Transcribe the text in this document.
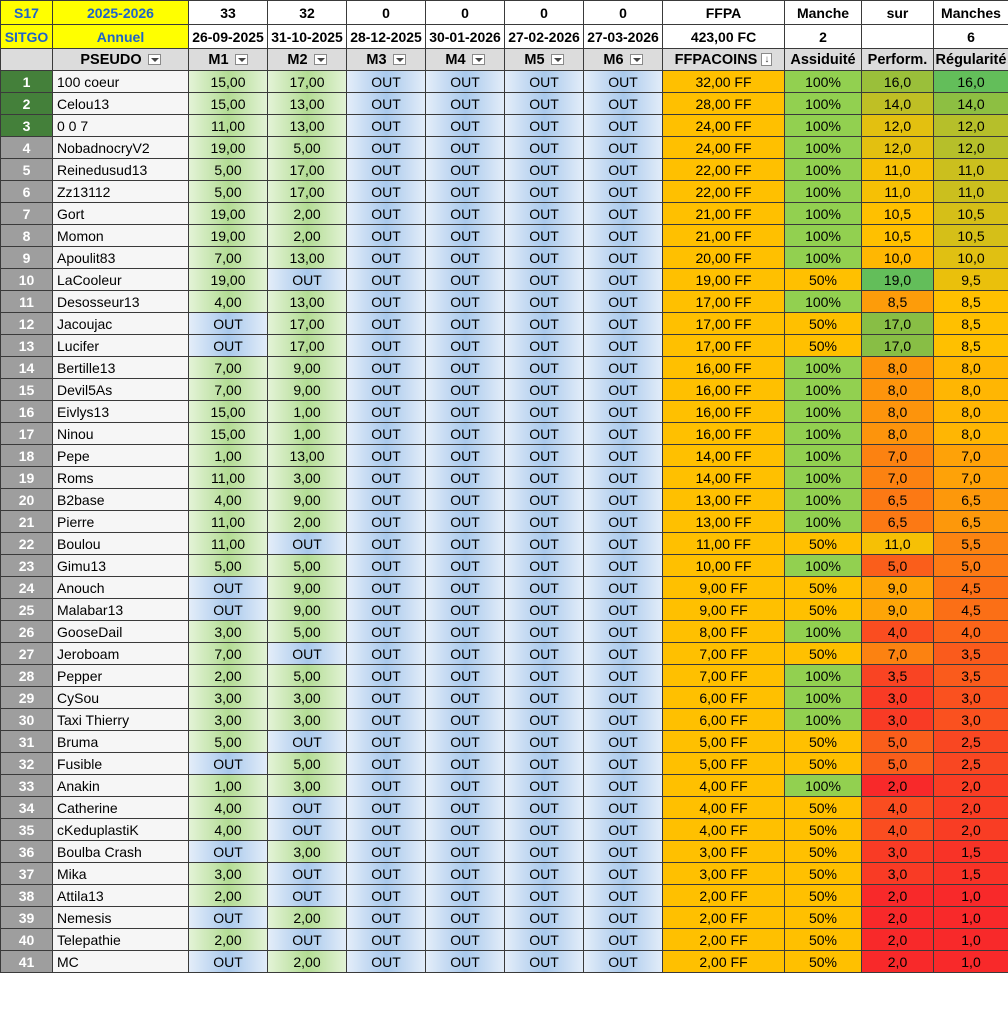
S17	2025-2026	33	32	0	0	0	0	FFPA	Manche	sur	Manches
SITGO	Annuel	26-09-2025	31-10-2025	28-12-2025	30-01-2026	27-02-2026	27-03-2026	423,00 FC	2		6
	PSEUDO	M1	M2	M3	M4	M5	M6	FFPACOINS ↓	Assiduité	Perform.	Régularité
1	100 coeur	15,00	17,00	OUT	OUT	OUT	OUT	32,00 FF	100%	16,0	16,0
2	Celou13	15,00	13,00	OUT	OUT	OUT	OUT	28,00 FF	100%	14,0	14,0
3	0 0 7	11,00	13,00	OUT	OUT	OUT	OUT	24,00 FF	100%	12,0	12,0
4	NobadnocryV2	19,00	5,00	OUT	OUT	OUT	OUT	24,00 FF	100%	12,0	12,0
5	Reinedusud13	5,00	17,00	OUT	OUT	OUT	OUT	22,00 FF	100%	11,0	11,0
6	Zz13112	5,00	17,00	OUT	OUT	OUT	OUT	22,00 FF	100%	11,0	11,0
7	Gort	19,00	2,00	OUT	OUT	OUT	OUT	21,00 FF	100%	10,5	10,5
8	Momon	19,00	2,00	OUT	OUT	OUT	OUT	21,00 FF	100%	10,5	10,5
9	Apoulit83	7,00	13,00	OUT	OUT	OUT	OUT	20,00 FF	100%	10,0	10,0
10	LaCooleur	19,00	OUT	OUT	OUT	OUT	OUT	19,00 FF	50%	19,0	9,5
11	Desosseur13	4,00	13,00	OUT	OUT	OUT	OUT	17,00 FF	100%	8,5	8,5
12	Jacoujac	OUT	17,00	OUT	OUT	OUT	OUT	17,00 FF	50%	17,0	8,5
13	Lucifer	OUT	17,00	OUT	OUT	OUT	OUT	17,00 FF	50%	17,0	8,5
14	Bertille13	7,00	9,00	OUT	OUT	OUT	OUT	16,00 FF	100%	8,0	8,0
15	Devil5As	7,00	9,00	OUT	OUT	OUT	OUT	16,00 FF	100%	8,0	8,0
16	Eivlys13	15,00	1,00	OUT	OUT	OUT	OUT	16,00 FF	100%	8,0	8,0
17	Ninou	15,00	1,00	OUT	OUT	OUT	OUT	16,00 FF	100%	8,0	8,0
18	Pepe	1,00	13,00	OUT	OUT	OUT	OUT	14,00 FF	100%	7,0	7,0
19	Roms	11,00	3,00	OUT	OUT	OUT	OUT	14,00 FF	100%	7,0	7,0
20	B2base	4,00	9,00	OUT	OUT	OUT	OUT	13,00 FF	100%	6,5	6,5
21	Pierre	11,00	2,00	OUT	OUT	OUT	OUT	13,00 FF	100%	6,5	6,5
22	Boulou	11,00	OUT	OUT	OUT	OUT	OUT	11,00 FF	50%	11,0	5,5
23	Gimu13	5,00	5,00	OUT	OUT	OUT	OUT	10,00 FF	100%	5,0	5,0
24	Anouch	OUT	9,00	OUT	OUT	OUT	OUT	9,00 FF	50%	9,0	4,5
25	Malabar13	OUT	9,00	OUT	OUT	OUT	OUT	9,00 FF	50%	9,0	4,5
26	GooseDail	3,00	5,00	OUT	OUT	OUT	OUT	8,00 FF	100%	4,0	4,0
27	Jeroboam	7,00	OUT	OUT	OUT	OUT	OUT	7,00 FF	50%	7,0	3,5
28	Pepper	2,00	5,00	OUT	OUT	OUT	OUT	7,00 FF	100%	3,5	3,5
29	CySou	3,00	3,00	OUT	OUT	OUT	OUT	6,00 FF	100%	3,0	3,0
30	Taxi Thierry	3,00	3,00	OUT	OUT	OUT	OUT	6,00 FF	100%	3,0	3,0
31	Bruma	5,00	OUT	OUT	OUT	OUT	OUT	5,00 FF	50%	5,0	2,5
32	Fusible	OUT	5,00	OUT	OUT	OUT	OUT	5,00 FF	50%	5,0	2,5
33	Anakin	1,00	3,00	OUT	OUT	OUT	OUT	4,00 FF	100%	2,0	2,0
34	Catherine	4,00	OUT	OUT	OUT	OUT	OUT	4,00 FF	50%	4,0	2,0
35	cKeduplastiK	4,00	OUT	OUT	OUT	OUT	OUT	4,00 FF	50%	4,0	2,0
36	Boulba Crash	OUT	3,00	OUT	OUT	OUT	OUT	3,00 FF	50%	3,0	1,5
37	Mika	3,00	OUT	OUT	OUT	OUT	OUT	3,00 FF	50%	3,0	1,5
38	Attila13	2,00	OUT	OUT	OUT	OUT	OUT	2,00 FF	50%	2,0	1,0
39	Nemesis	OUT	2,00	OUT	OUT	OUT	OUT	2,00 FF	50%	2,0	1,0
40	Telepathie	2,00	OUT	OUT	OUT	OUT	OUT	2,00 FF	50%	2,0	1,0
41	MC	OUT	2,00	OUT	OUT	OUT	OUT	2,00 FF	50%	2,0	1,0
